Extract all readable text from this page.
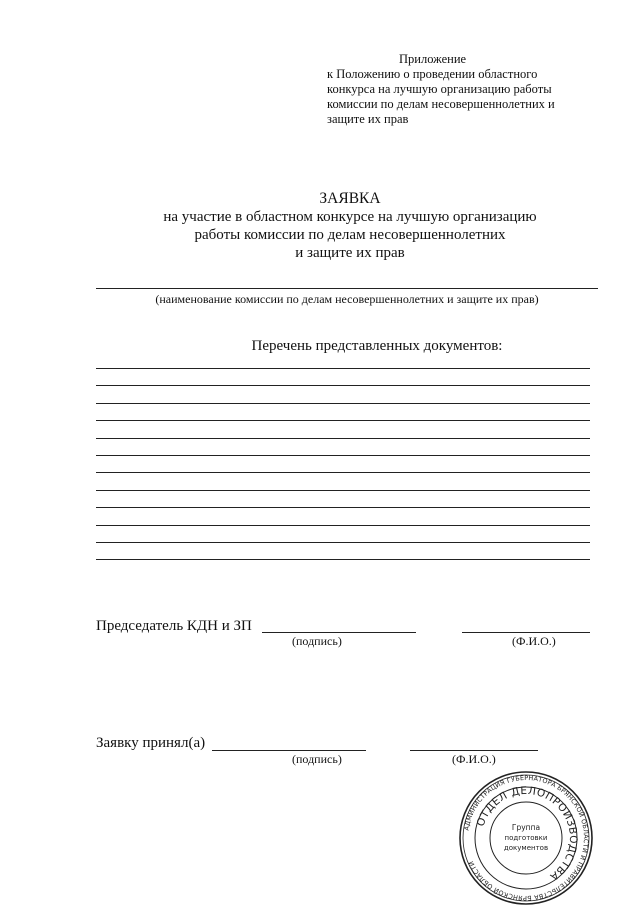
Приложение
к Положению о проведении областного
конкурса на лучшую организацию работы
комиссии по делам несовершеннолетних и
защите их прав
ЗАЯВКА
на участие в областном конкурсе на лучшую организацию
работы комиссии по делам несовершеннолетних
и защите их прав
(наименование комиссии по делам несовершеннолетних и защите их прав)
Перечень представленных документов:
Председатель КДН и ЗП
(подпись)	(Ф.И.О.)
Заявку принял(а)
(подпись)	(Ф.И.О.)
АДМИНИСТРАЦИЯ ГУБЕРНАТОРА БРЯНСКОЙ ОБЛАСТИ И ПРАВИТЕЛЬСТВА БРЯНСКОЙ ОБЛАСТИ
ОТДЕЛ ДЕЛОПРОИЗВОДСТВА
Группа
подготовки
документов
